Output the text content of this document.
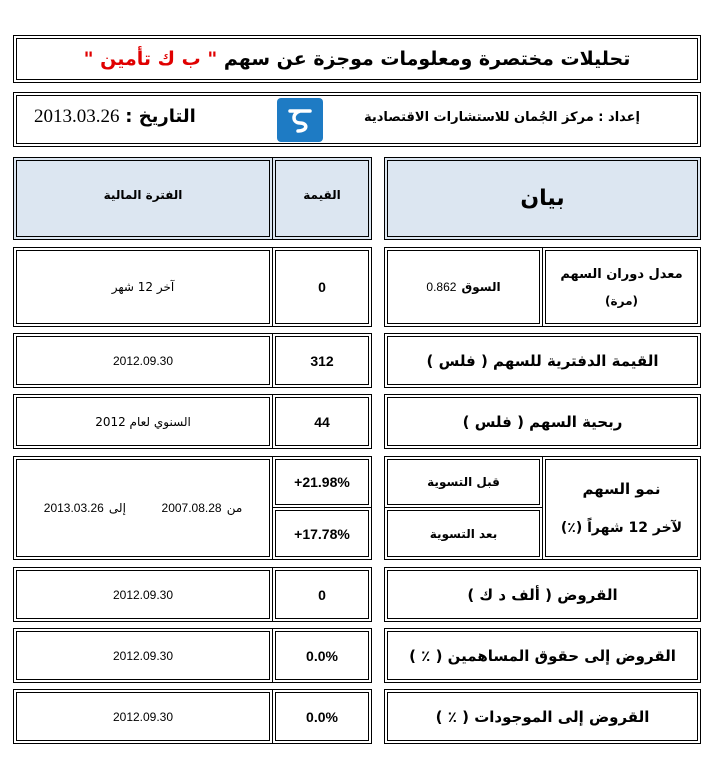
تحليلات مختصرة ومعلومات موجزة عن سهم " ب ك تأمين "
إعداد : مركز الجُمان للاستشارات الاقتصادية
التاريخ : 2013.03.26
بيان
القيمة
الفترة المالية
معدل دوران السهم
(مرة)
السوق

0.862
0
آخر 12 شهر
القيمة الدفترية للسهم ( فلس )
312
2012.09.30
ربحية السهم ( فلس )
44
السنوي لعام 2012
نمو السهم
لآخر 12 شهراً (٪)
قبل التسوية
بعد التسوية
+21.98%
+17.78%
من 2007.08.28       إلى 2013.03.26
القروض ( ألف د ك )
0
2012.09.30
القروض إلى حقوق المساهمين ( ٪ )
0.0%
2012.09.30
القروض إلى الموجودات ( ٪ )
0.0%
2012.09.30
